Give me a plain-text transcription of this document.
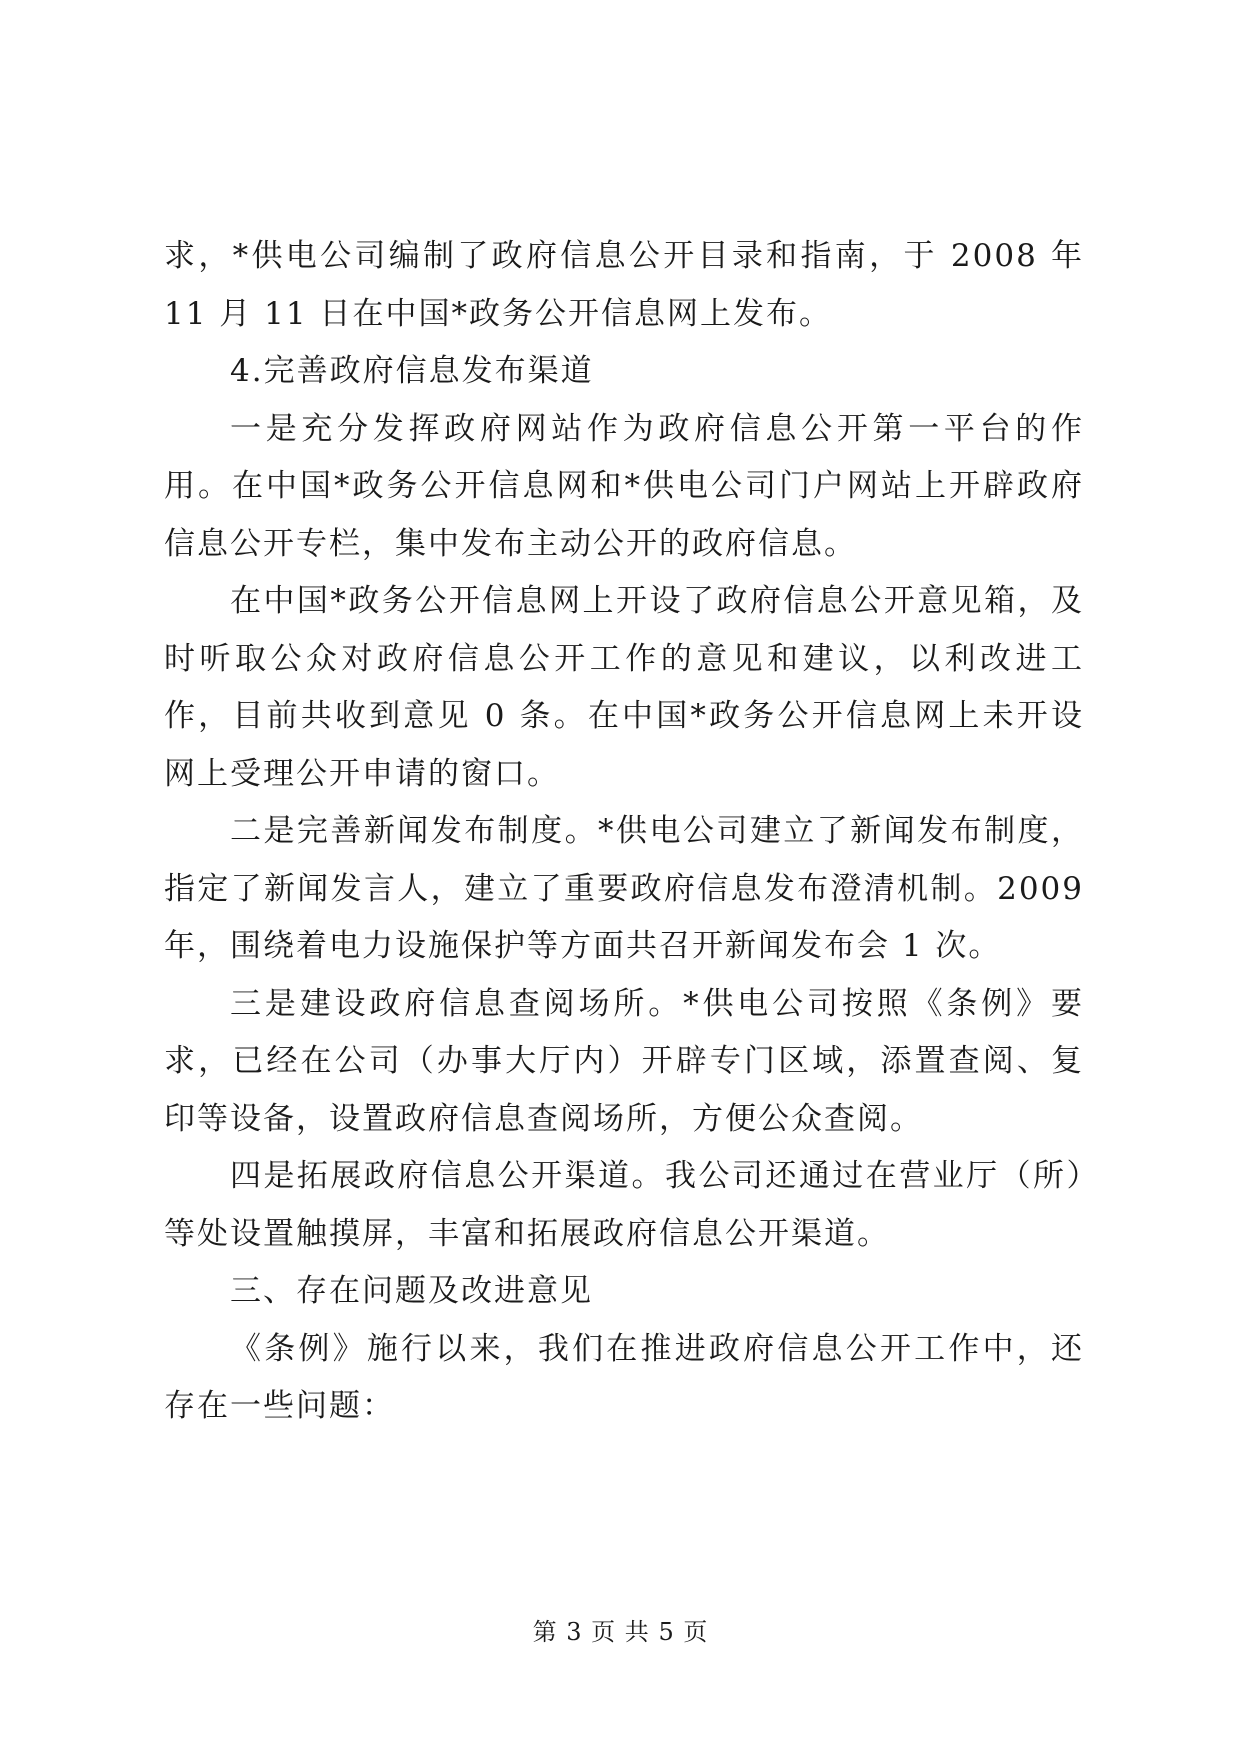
求，*供电公司编制了政府信息公开目录和指南，于 2008 年 11 月 11 日在中国*政务公开信息网上发布。

4.完善政府信息发布渠道

一是充分发挥政府网站作为政府信息公开第一平台的作用。在中国*政务公开信息网和*供电公司门户网站上开辟政府信息公开专栏，集中发布主动公开的政府信息。

在中国*政务公开信息网上开设了政府信息公开意见箱，及时听取公众对政府信息公开工作的意见和建议，以利改进工作，目前共收到意见 0 条。在中国*政务公开信息网上未开设网上受理公开申请的窗口。

二是完善新闻发布制度。*供电公司建立了新闻发布制度，指定了新闻发言人，建立了重要政府信息发布澄清机制。2009 年，围绕着电力设施保护等方面共召开新闻发布会 1 次。

三是建设政府信息查阅场所。*供电公司按照《条例》要求，已经在公司（办事大厅内）开辟专门区域，添置查阅、复印等设备，设置政府信息查阅场所，方便公众查阅。

四是拓展政府信息公开渠道。我公司还通过在营业厅（所）等处设置触摸屏，丰富和拓展政府信息公开渠道。

三、存在问题及改进意见

《条例》施行以来，我们在推进政府信息公开工作中，还存在一些问题：

第 3 页 共 5 页
